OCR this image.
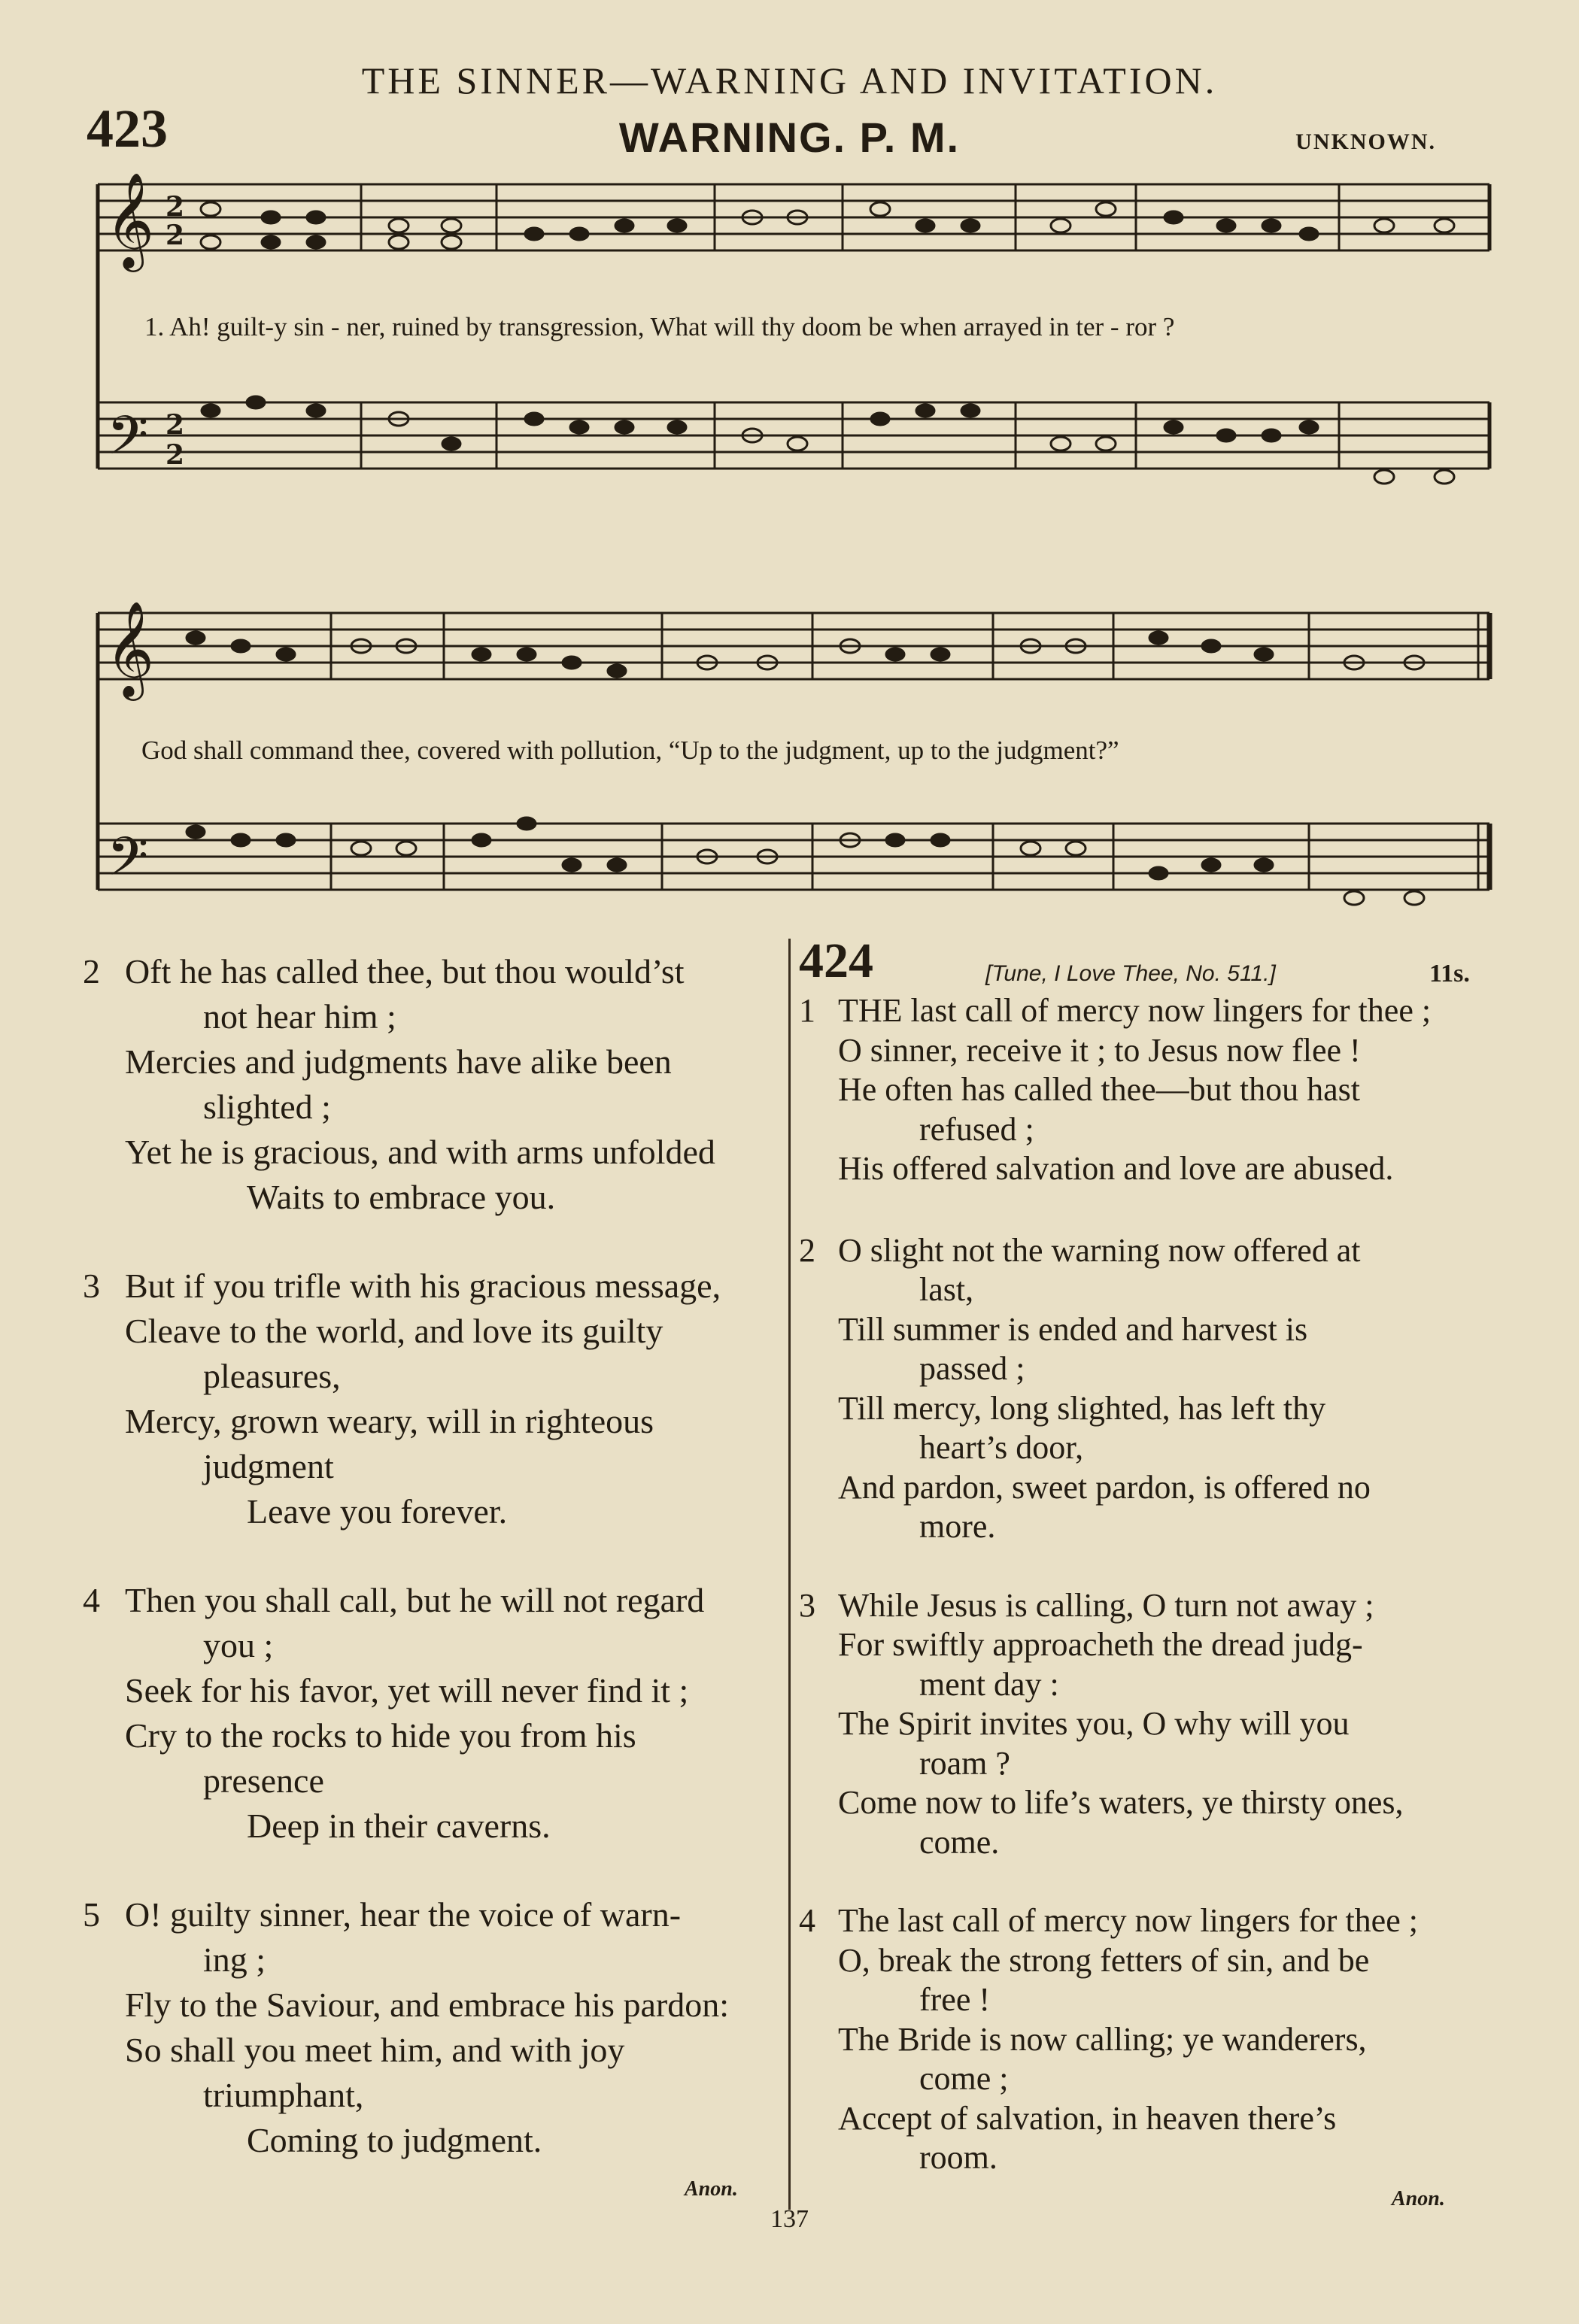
THE SINNER—WARNING AND INVITATION.
423	WARNING. P. M.	UNKNOWN.
𝄞
𝄢
2
2
2
2
1. Ah! guilt-y sin - ner, ruined by transgression, What will thy doom be when arrayed in ter - ror ?
𝄞
𝄢
God shall command thee, covered with pollution, “Up to the judgment, up to the judgment?”
2 Oft he has called thee, but thou would’st
not hear him ;
Mercies and judgments have alike been
slighted ;
Yet he is gracious, and with arms unfolded
Waits to embrace you.
3 But if you trifle with his gracious message,
Cleave to the world, and love its guilty
pleasures,
Mercy, grown weary, will in righteous
judgment
Leave you forever.
4 Then you shall call, but he will not regard
you ;
Seek for his favor, yet will never find it ;
Cry to the rocks to hide you from his
presence
Deep in their caverns.
5 O! guilty sinner, hear the voice of warn-
ing ;
Fly to the Saviour, and embrace his pardon:
So shall you meet him, and with joy
triumphant,
Coming to judgment.
Anon.
424	[Tune, I Love Thee, No. 511.]	11s.
1 THE last call of mercy now lingers for thee ;
O sinner, receive it ; to Jesus now flee !
He often has called thee—but thou hast
refused ;
His offered salvation and love are abused.
2 O slight not the warning now offered at
last,
Till summer is ended and harvest is
passed ;
Till mercy, long slighted, has left thy
heart’s door,
And pardon, sweet pardon, is offered no
more.
3 While Jesus is calling, O turn not away ;
For swiftly approacheth the dread judg-
ment day :
The Spirit invites you, O why will you
roam ?
Come now to life’s waters, ye thirsty ones,
come.
4 The last call of mercy now lingers for thee ;
O, break the strong fetters of sin, and be
free !
The Bride is now calling; ye wanderers,
come ;
Accept of salvation, in heaven there’s
room.
Anon.
137
